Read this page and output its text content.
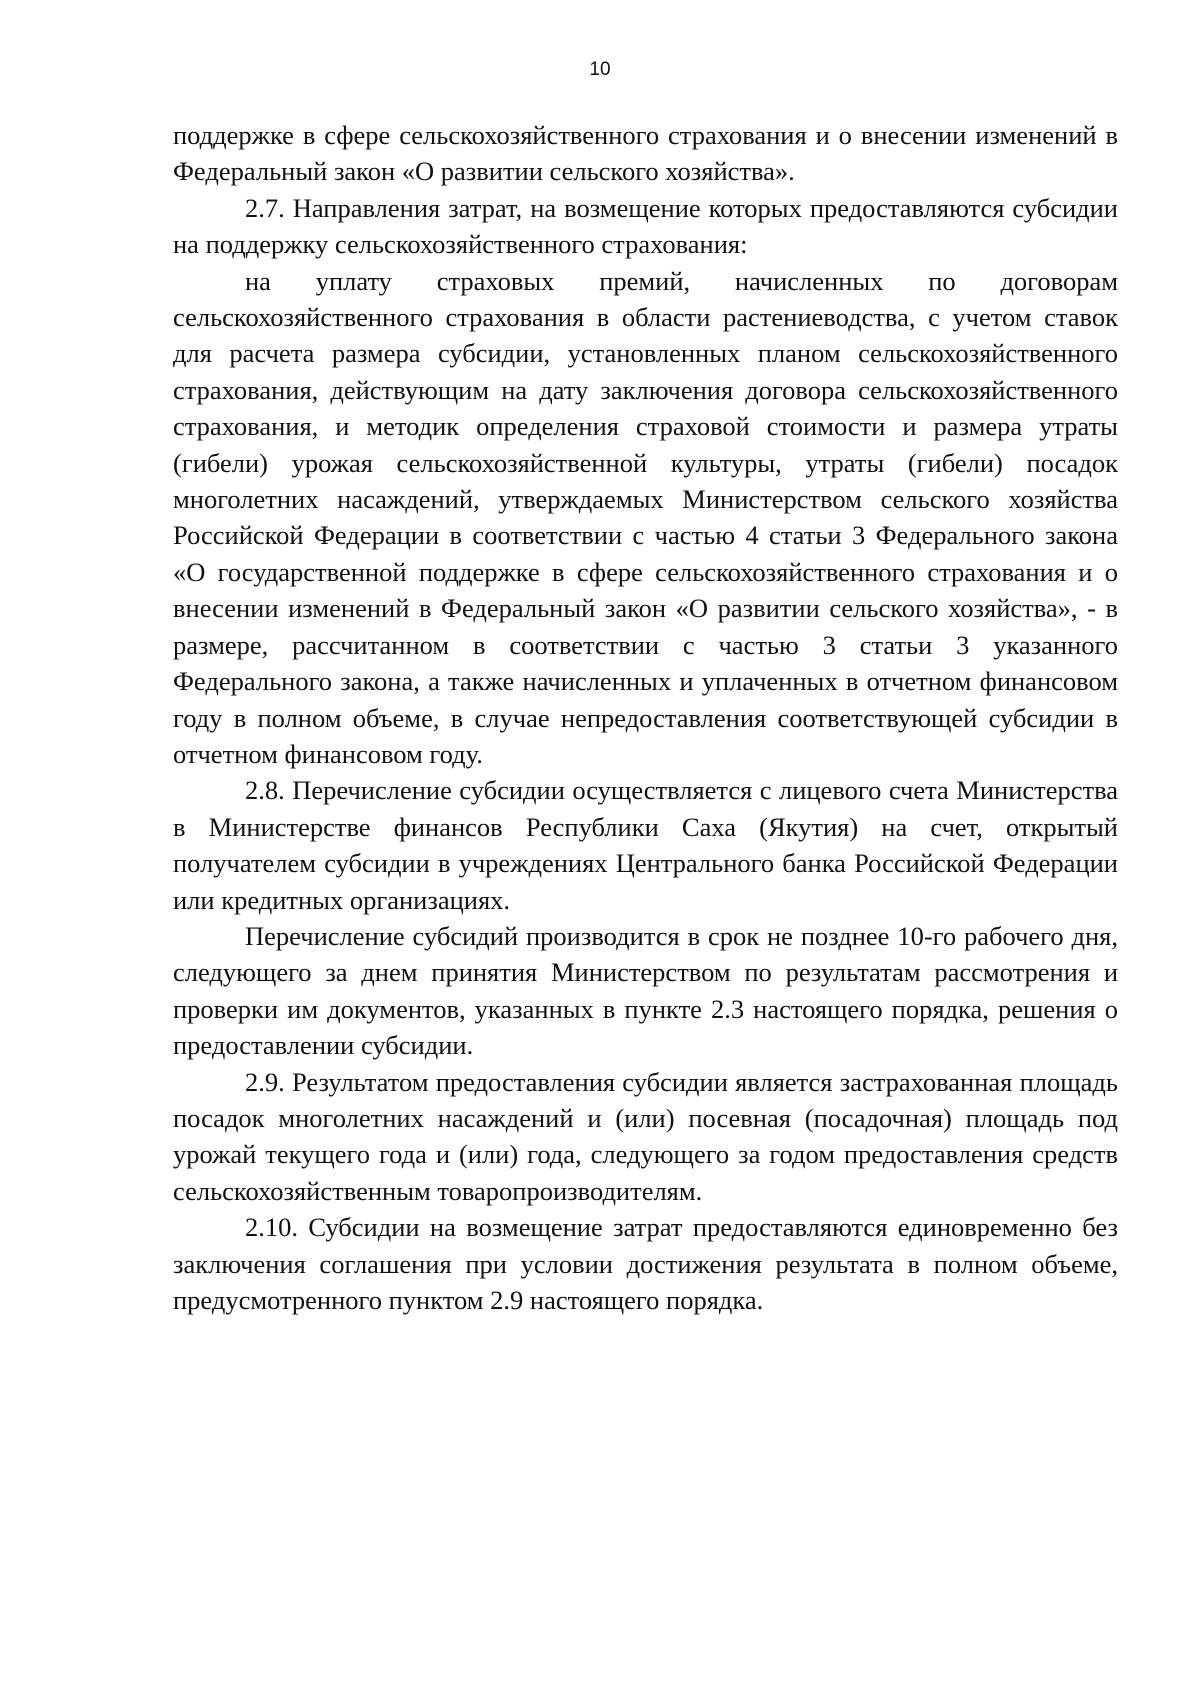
10

поддержке в сфере сельскохозяйственного страхования и о внесении изменений в Федеральный закон «О развитии сельского хозяйства».

2.7. Направления затрат, на возмещение которых предоставляются субсидии на поддержку сельскохозяйственного страхования:

на уплату страховых премий, начисленных по договорам сельскохозяйственного страхования в области растениеводства, с учетом ставок для расчета размера субсидии, установленных планом сельскохозяйственного страхования, действующим на дату заключения договора сельскохозяйственного страхования, и методик определения страховой стоимости и размера утраты (гибели) урожая сельскохозяйственной культуры, утраты (гибели) посадок многолетних насаждений, утверждаемых Министерством сельского хозяйства Российской Федерации в соответствии с частью 4 статьи 3 Федерального закона «О государственной поддержке в сфере сельскохозяйственного страхования и о внесении изменений в Федеральный закон «О развитии сельского хозяйства», - в размере, рассчитанном в соответствии с частью 3 статьи 3 указанного Федерального закона, а также начисленных и уплаченных в отчетном финансовом году в полном объеме, в случае непредоставления соответствующей субсидии в отчетном финансовом году.

2.8. Перечисление субсидии осуществляется с лицевого счета Министерства в Министерстве финансов Республики Саха (Якутия) на счет, открытый получателем субсидии в учреждениях Центрального банка Российской Федерации или кредитных организациях.

Перечисление субсидий производится в срок не позднее 10-го рабочего дня, следующего за днем принятия Министерством по результатам рассмотрения и проверки им документов, указанных в пункте 2.3 настоящего порядка, решения о предоставлении субсидии.

2.9. Результатом предоставления субсидии является застрахованная площадь посадок многолетних насаждений и (или) посевная (посадочная) площадь под урожай текущего года и (или) года, следующего за годом предоставления средств сельскохозяйственным товаропроизводителям.

2.10. Субсидии на возмещение затрат предоставляются единовременно без заключения соглашения при условии достижения результата в полном объеме, предусмотренного пунктом 2.9 настоящего порядка.
